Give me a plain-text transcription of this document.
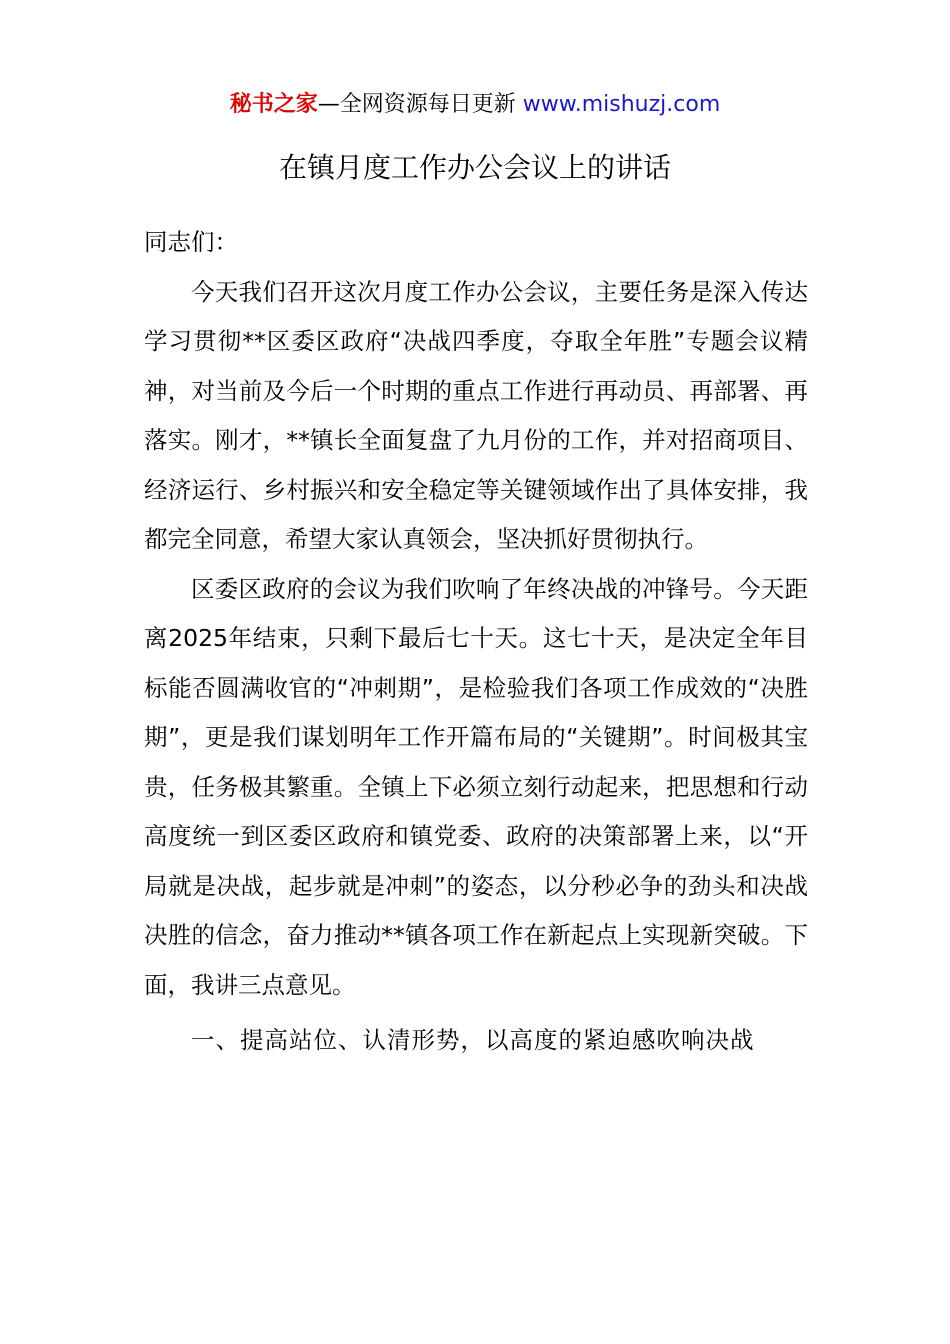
秘书之家—全网资源每日更新 www.mishuzj.com
在镇月度工作办公会议上的讲话

同志们：

今天我们召开这次月度工作办公会议，主要任务是深入传达学习贯彻**区委区政府“决战四季度，夺取全年胜”专题会议精神，对当前及今后一个时期的重点工作进行再动员、再部署、再落实。刚才，**镇长全面复盘了九月份的工作，并对招商项目、经济运行、乡村振兴和安全稳定等关键领域作出了具体安排，我都完全同意，希望大家认真领会，坚决抓好贯彻执行。

区委区政府的会议为我们吹响了年终决战的冲锋号。今天距离2025年结束，只剩下最后七十天。这七十天，是决定全年目标能否圆满收官的“冲刺期”，是检验我们各项工作成效的“决胜期”，更是我们谋划明年工作开篇布局的“关键期”。时间极其宝贵，任务极其繁重。全镇上下必须立刻行动起来，把思想和行动高度统一到区委区政府和镇党委、政府的决策部署上来，以“开局就是决战，起步就是冲刺”的姿态，以分秒必争的劲头和决战决胜的信念，奋力推动**镇各项工作在新起点上实现新突破。下面，我讲三点意见。

一、提高站位、认清形势，以高度的紧迫感吹响决战
